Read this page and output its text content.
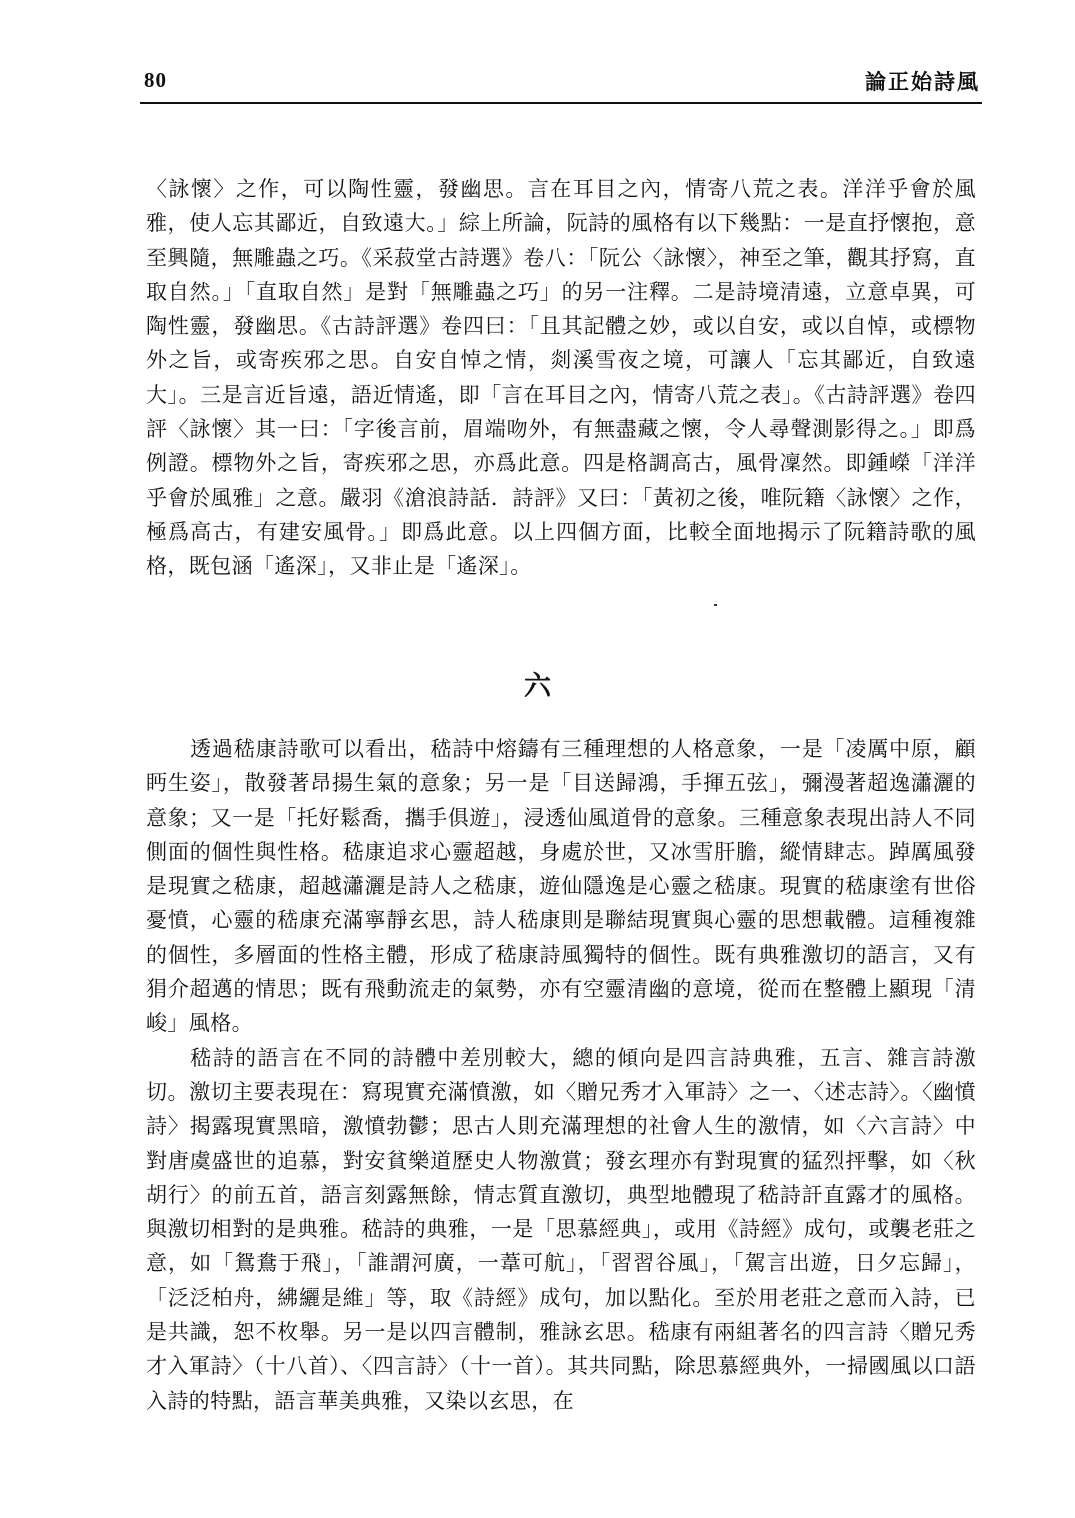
80	論正始詩風

〈詠懷〉之作，可以陶性靈，發幽思。言在耳目之內，情寄八荒之表。洋洋乎會於風雅，使人忘其鄙近，自致遠大。」綜上所論，阮詩的風格有以下幾點：一是直抒懷抱，意至興隨，無雕蟲之巧。《采菽堂古詩選》卷八：「阮公〈詠懷〉，神至之筆，觀其抒寫，直取自然。」「直取自然」是對「無雕蟲之巧」的另一注釋。二是詩境清遠，立意卓異，可陶性靈，發幽思。《古詩評選》卷四曰：「且其記體之妙，或以自安，或以自悼，或標物外之旨，或寄疾邪之思。自安自悼之情，剡溪雪夜之境，可讓人「忘其鄙近，自致遠大」。三是言近旨遠，語近情遙，即「言在耳目之內，情寄八荒之表」。《古詩評選》卷四評〈詠懷〉其一曰：「字後言前，眉端吻外，有無盡藏之懷，令人尋聲測影得之。」即爲例證。標物外之旨，寄疾邪之思，亦爲此意。四是格調高古，風骨凜然。即鍾嶸「洋洋乎會於風雅」之意。嚴羽《滄浪詩話．詩評》又曰：「黃初之後，唯阮籍〈詠懷〉之作，極爲高古，有建安風骨。」即爲此意。以上四個方面，比較全面地揭示了阮籍詩歌的風格，既包涵「遙深」，又非止是「遙深」。

六

透過嵇康詩歌可以看出，嵇詩中熔鑄有三種理想的人格意象，一是「凌厲中原，顧眄生姿」，散發著昂揚生氣的意象；另一是「目送歸鴻，手揮五弦」，彌漫著超逸瀟灑的意象；又一是「托好鬆喬，攜手俱遊」，浸透仙風道骨的意象。三種意象表現出詩人不同側面的個性與性格。嵇康追求心靈超越，身處於世，又冰雪肝膽，縱情肆志。踔厲風發是現實之嵇康，超越瀟灑是詩人之嵇康，遊仙隱逸是心靈之嵇康。現實的嵇康塗有世俗憂憤，心靈的嵇康充滿寧靜玄思，詩人嵇康則是聯結現實與心靈的思想載體。這種複雜的個性，多層面的性格主體，形成了嵇康詩風獨特的個性。既有典雅激切的語言，又有狷介超邁的情思；既有飛動流走的氣勢，亦有空靈清幽的意境，從而在整體上顯現「清峻」風格。

嵇詩的語言在不同的詩體中差別較大，總的傾向是四言詩典雅，五言、雜言詩激切。激切主要表現在：寫現實充滿憤激，如〈贈兄秀才入軍詩〉之一、〈述志詩〉。〈幽憤詩〉揭露現實黑暗，激憤勃鬱；思古人則充滿理想的社會人生的激情，如〈六言詩〉中對唐虞盛世的追慕，對安貧樂道歷史人物激賞；發玄理亦有對現實的猛烈抨擊，如〈秋胡行〉的前五首，語言刻露無餘，情志質直激切，典型地體現了嵇詩訐直露才的風格。與激切相對的是典雅。嵇詩的典雅，一是「思慕經典」，或用《詩經》成句，或襲老莊之意，如「鴛鴦于飛」，「誰謂河廣，一葦可航」，「習習谷風」，「駕言出遊，日夕忘歸」，「泛泛柏舟，紼纚是維」等，取《詩經》成句，加以點化。至於用老莊之意而入詩，已是共識，恕不枚舉。另一是以四言體制，雅詠玄思。嵇康有兩組著名的四言詩〈贈兄秀才入軍詩〉（十八首）、〈四言詩〉（十一首）。其共同點，除思慕經典外，一掃國風以口語入詩的特點，語言華美典雅，又染以玄思，在
